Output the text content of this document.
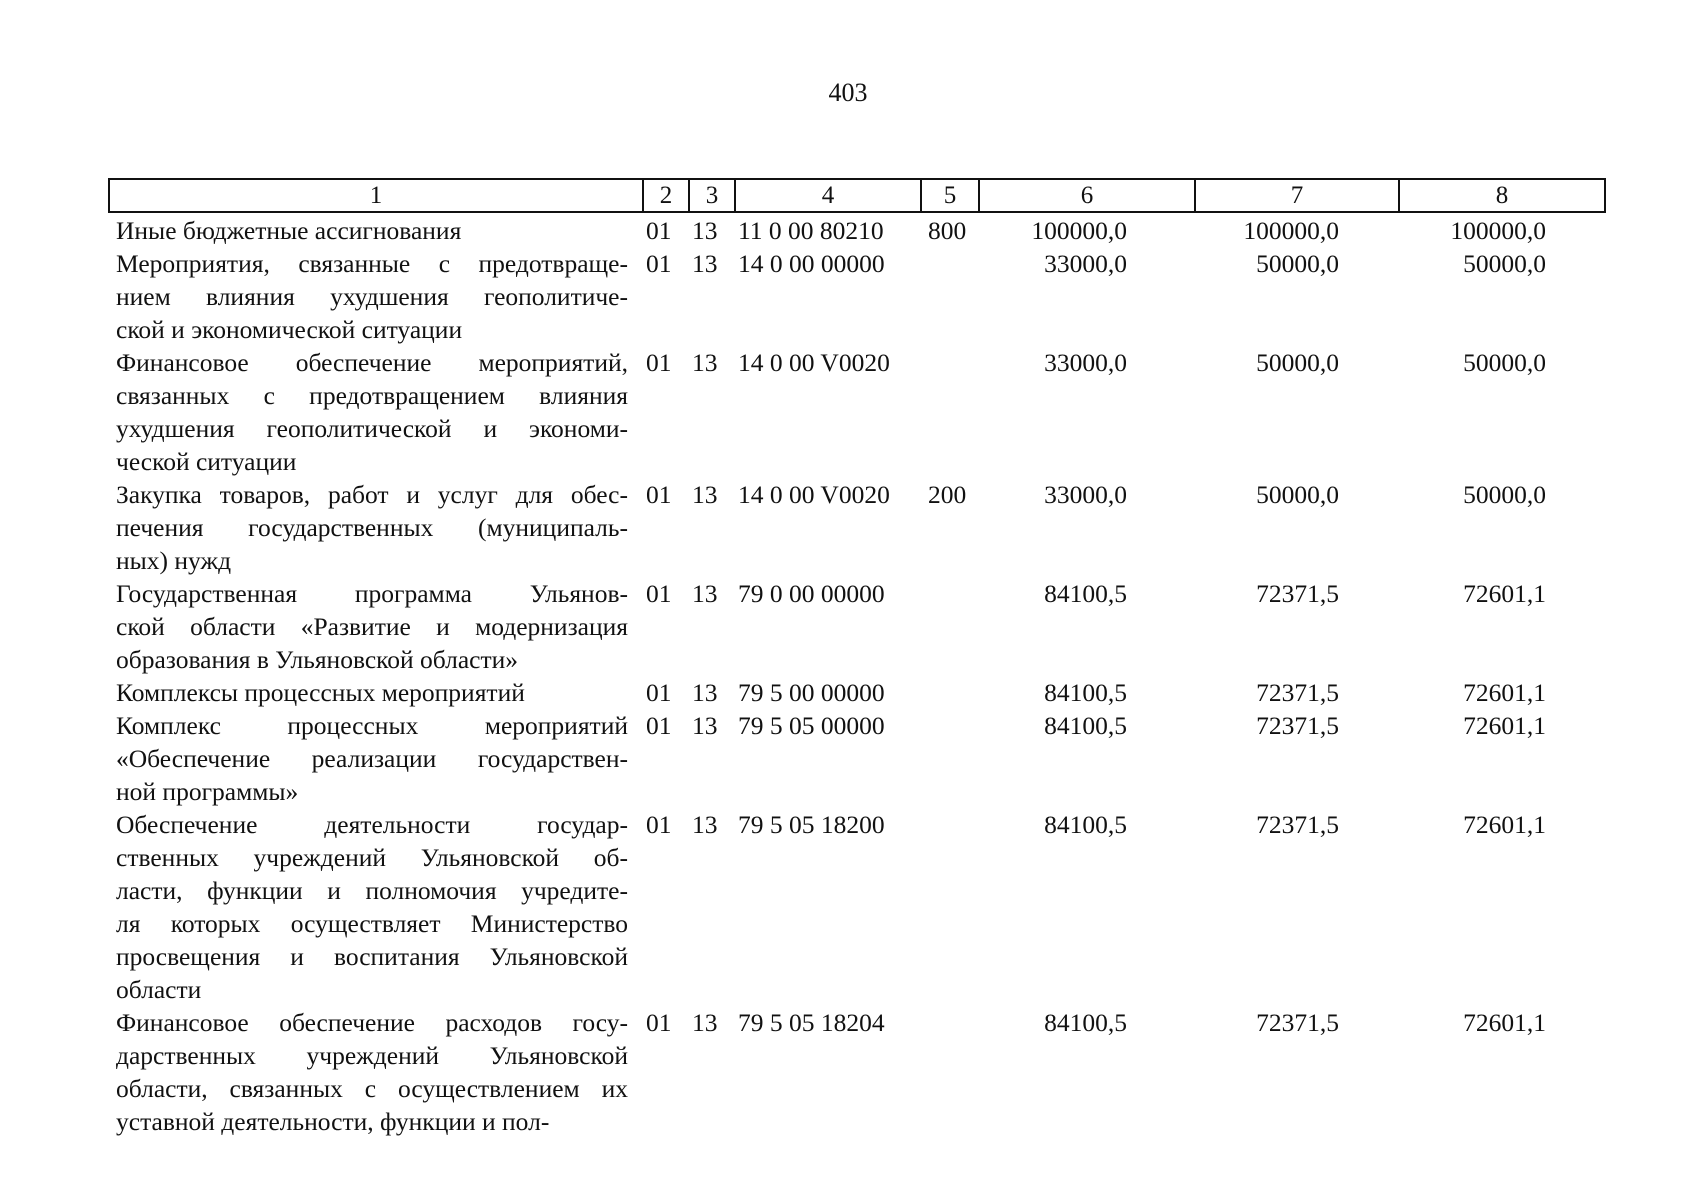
403
1	2	3	4	5	6	7	8
Иные бюджетные ассигнования	01 13 11 0 00 80210 800	100000,0	100000,0	100000,0
Мероприятия, связанные с предотвраще-
нием влияния ухудшения геополитиче-
ской и экономической ситуации
01 13 14 0 00 00000	33000,0	50000,0	50000,0
Финансовое обеспечение мероприятий,
связанных с предотвращением влияния
ухудшения геополитической и экономи-
ческой ситуации
01 13 14 0 00 V0020	33000,0	50000,0	50000,0
Закупка товаров, работ и услуг для обес-
печения государственных (муниципаль-
ных) нужд
01 13 14 0 00 V0020 200	33000,0	50000,0	50000,0
Государственная программа Ульянов-
ской области «Развитие и модернизация
образования в Ульяновской области»
01 13 79 0 00 00000	84100,5	72371,5	72601,1
Комплексы процессных мероприятий	01 13 79 5 00 00000	84100,5	72371,5	72601,1
Комплекс процессных мероприятий
«Обеспечение реализации государствен-
ной программы»
01 13 79 5 05 00000	84100,5	72371,5	72601,1
Обеспечение деятельности государ-
ственных учреждений Ульяновской об-
ласти, функции и полномочия учредите-
ля которых осуществляет Министерство
просвещения и воспитания Ульяновской
области
01 13 79 5 05 18200	84100,5	72371,5	72601,1
Финансовое обеспечение расходов госу-
дарственных учреждений Ульяновской
области, связанных с осуществлением их
уставной деятельности, функции и пол-
01 13 79 5 05 18204	84100,5	72371,5	72601,1
